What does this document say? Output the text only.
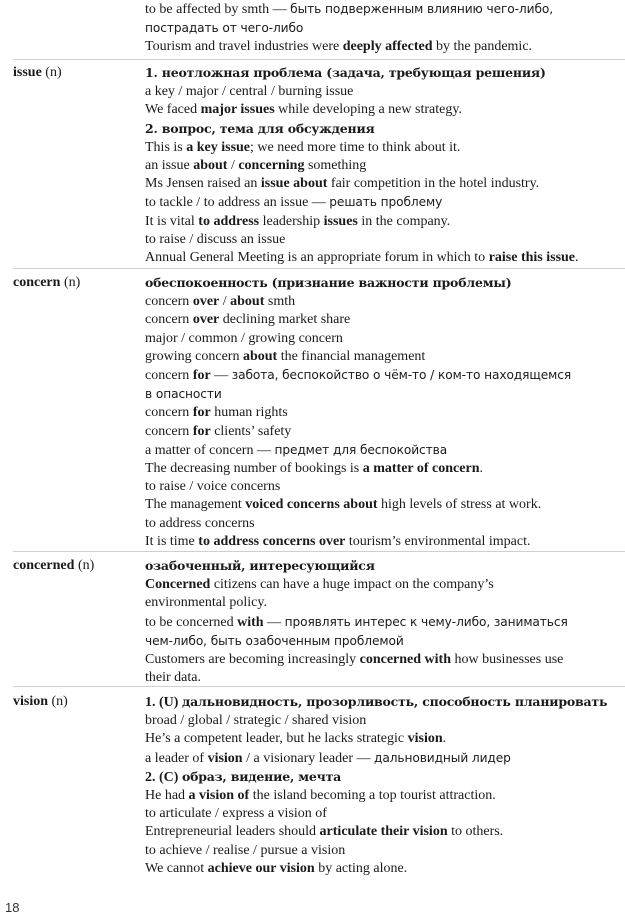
to be affected by smth — быть подверженным влиянию чего-либо,
пострадать от чего-либо
Tourism and travel industries were deeply affected by the pandemic.
issue (n)	1. неотложная проблема (задача, требующая решения)
a key / major / central / burning issue
We faced major issues while developing a new strategy.
2. вопрос, тема для обсуждения
This is a key issue; we need more time to think about it.
an issue about / concerning something
Ms Jensen raised an issue about fair competition in the hotel industry.
to tackle / to address an issue — решать проблему
It is vital to address leadership issues in the company.
to raise / discuss an issue
Annual General Meeting is an appropriate forum in which to raise this issue.
concern (n)	обеспокоенность (признание важности проблемы)
concern over / about smth
concern over declining market share
major / common / growing concern
growing concern about the financial management
concern for — забота, беспокойство о чём-то / ком-то находящемся
в опасности
concern for human rights
concern for clients’ safety
a matter of concern — предмет для беспокойства
The decreasing number of bookings is a matter of concern.
to raise / voice concerns
The management voiced concerns about high levels of stress at work.
to address concerns
It is time to address concerns over tourism’s environmental impact.
concerned (n)	озабоченный, интересующийся
Concerned citizens can have a huge impact on the company’s
environmental policy.
to be concerned with — проявлять интерес к чему-либо, заниматься
чем-либо, быть озабоченным проблемой
Customers are becoming increasingly concerned with how businesses use
their data.
vision (n)	1. (U) дальновидность, прозорливость, способность планировать
broad / global / strategic / shared vision
He’s a competent leader, but he lacks strategic vision.
a leader of vision / a visionary leader — дальновидный лидер
2. (C) образ, видение, мечта
He had a vision of the island becoming a top tourist attraction.
to articulate / express a vision of
Entrepreneurial leaders should articulate their vision to others.
to achieve / realise / pursue a vision
We cannot achieve our vision by acting alone.
18
